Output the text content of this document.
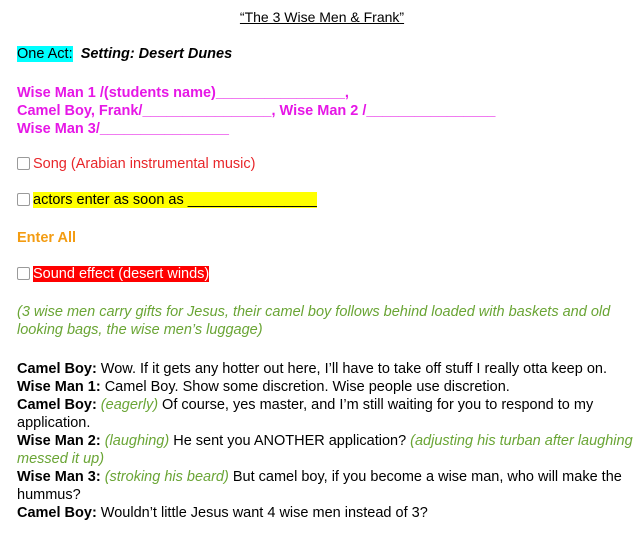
“The 3 Wise Men & Frank”
One Act: Setting: Desert Dunes
Wise Man 1 /(students name)________________,
Camel Boy, Frank/________________, Wise Man 2 /________________
Wise Man 3/________________
Song (Arabian instrumental music)
actors enter as soon as ________________
Enter All
Sound effect (desert winds)
(3 wise men carry gifts for Jesus, their camel boy follows behind loaded with baskets and old looking bags, the wise men’s luggage)
Camel Boy: Wow. If it gets any hotter out here, I’ll have to take off stuff I really otta keep on.
Wise Man 1: Camel Boy. Show some discretion. Wise people use discretion.
Camel Boy: (eagerly) Of course, yes master, and I’m still waiting for you to respond to my application.
Wise Man 2: (laughing) He sent you ANOTHER application? (adjusting his turban after laughing messed it up)
Wise Man 3: (stroking his beard) But camel boy, if you become a wise man, who will make the hummus?
Camel Boy: Wouldn’t little Jesus want 4 wise men instead of 3?
